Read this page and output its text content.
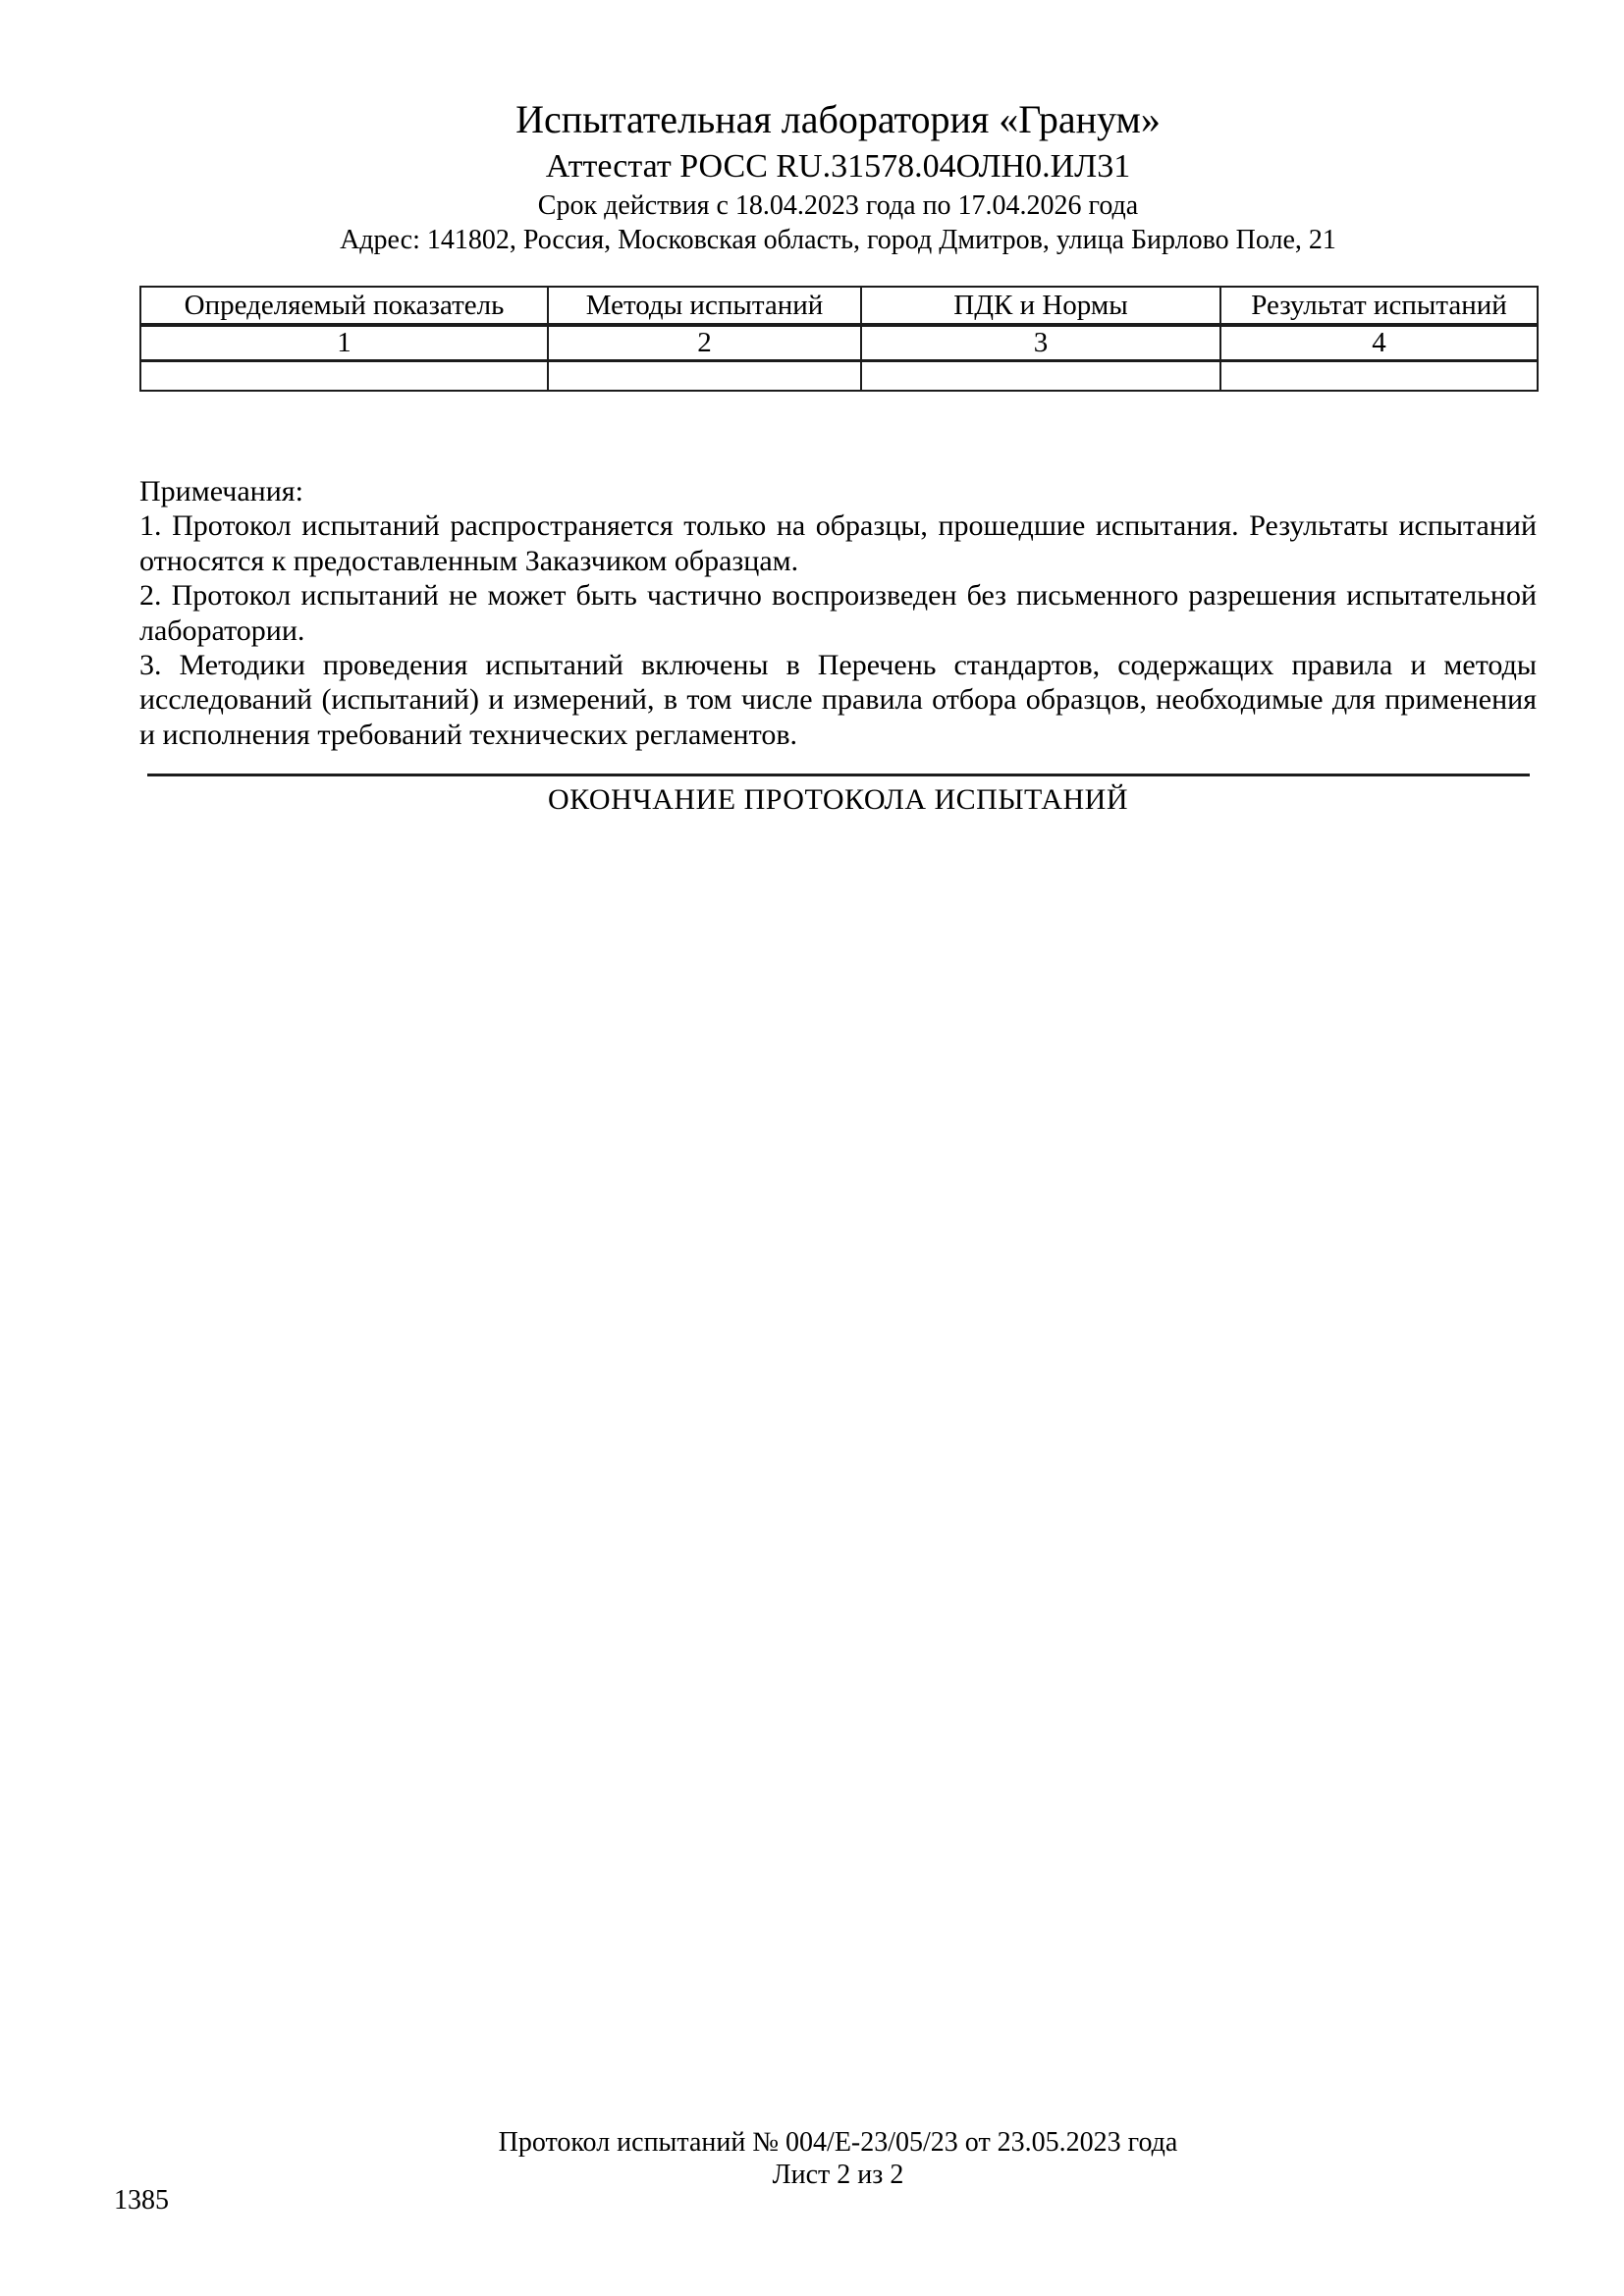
Испытательная лаборатория «Гранум»
Аттестат РОСС RU.31578.04ОЛН0.ИЛ31
Срок действия с 18.04.2023 года по 17.04.2026 года
Адрес: 141802, Россия, Московская область, город Дмитров, улица Бирлово Поле, 21
Определяемый показатель	Методы испытаний	ПДК и Нормы	Результат испытаний
1	2	3	4

Примечания:

1. Протокол испытаний распространяется только на образцы, прошедшие испытания. Результаты испытаний относятся к предоставленным Заказчиком образцам.

2. Протокол испытаний не может быть частично воспроизведен без письменного разрешения испытательной лаборатории.

3. Методики проведения испытаний включены в Перечень стандартов, содержащих правила и методы исследований (испытаний) и измерений, в том числе правила отбора образцов, необходимые для применения и исполнения требований технических регламентов.

ОКОНЧАНИЕ ПРОТОКОЛА ИСПЫТАНИЙ
Протокол испытаний № 004/Е-23/05/23 от 23.05.2023 года
Лист 2 из 2
1385
